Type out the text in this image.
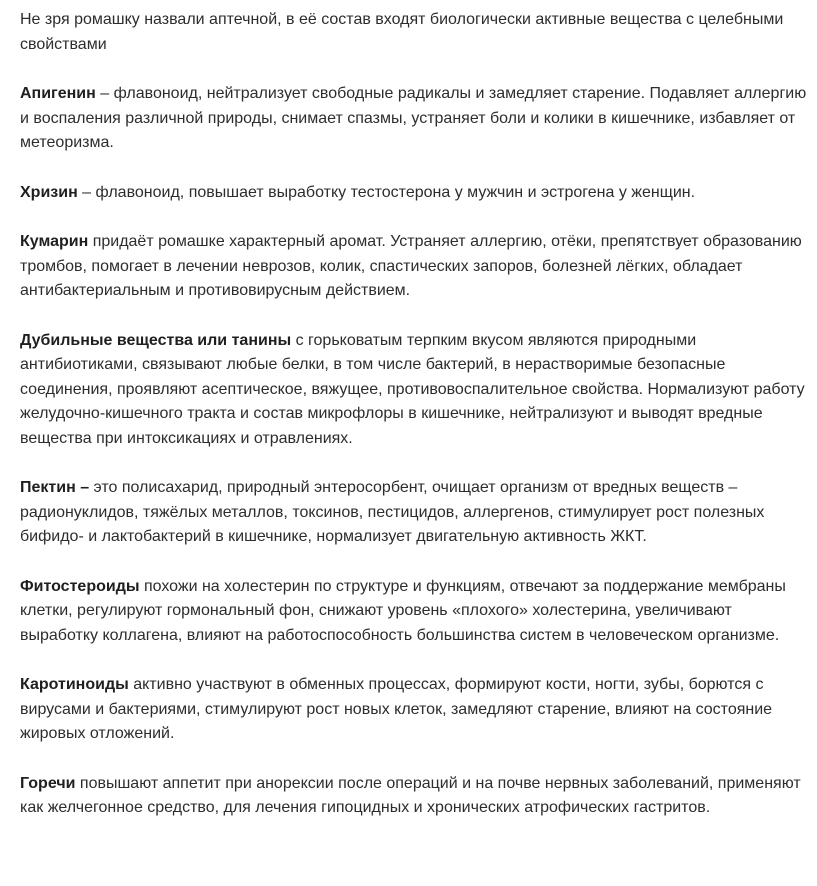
Не зря ромашку назвали аптечной, в её состав входят биологически активные вещества с целебными свойствами

Апигенин – флавоноид, нейтрализует свободные радикалы и замедляет старение. Подавляет аллергию и воспаления различной природы, снимает спазмы, устраняет боли и колики в кишечнике, избавляет от метеоризма.

Хризин – флавоноид, повышает выработку тестостерона у мужчин и эстрогена у женщин.

Кумарин придаёт ромашке характерный аромат. Устраняет аллергию, отёки, препятствует образованию тромбов, помогает в лечении неврозов, колик, спастических запоров, болезней лёгких, обладает антибактериальным и противовирусным действием.

Дубильные вещества или танины с горьковатым терпким вкусом являются природными антибиотиками, связывают любые белки, в том числе бактерий, в нерастворимые безопасные соединения, проявляют асептическое, вяжущее, противовоспалительное свойства. Нормализуют работу желудочно-кишечного тракта и состав микрофлоры в кишечнике, нейтрализуют и выводят вредные вещества при интоксикациях и отравлениях.

Пектин – это полисахарид, природный энтеросорбент, очищает организм от вредных веществ – радионуклидов, тяжёлых металлов, токсинов, пестицидов, аллергенов, стимулирует рост полезных бифидо- и лактобактерий в кишечнике, нормализует двигательную активность ЖКТ.

Фитостероиды похожи на холестерин по структуре и функциям, отвечают за поддержание мембраны клетки, регулируют гормональный фон, снижают уровень «плохого» холестерина, увеличивают выработку коллагена, влияют на работоспособность большинства систем в человеческом организме.

Каротиноиды активно участвуют в обменных процессах, формируют кости, ногти, зубы, борются с вирусами и бактериями, стимулируют рост новых клеток, замедляют старение, влияют на состояние жировых отложений.

Горечи повышают аппетит при анорексии после операций и на почве нервных заболеваний, применяют как желчегонное средство, для лечения гипоцидных и хронических атрофических гастритов.
